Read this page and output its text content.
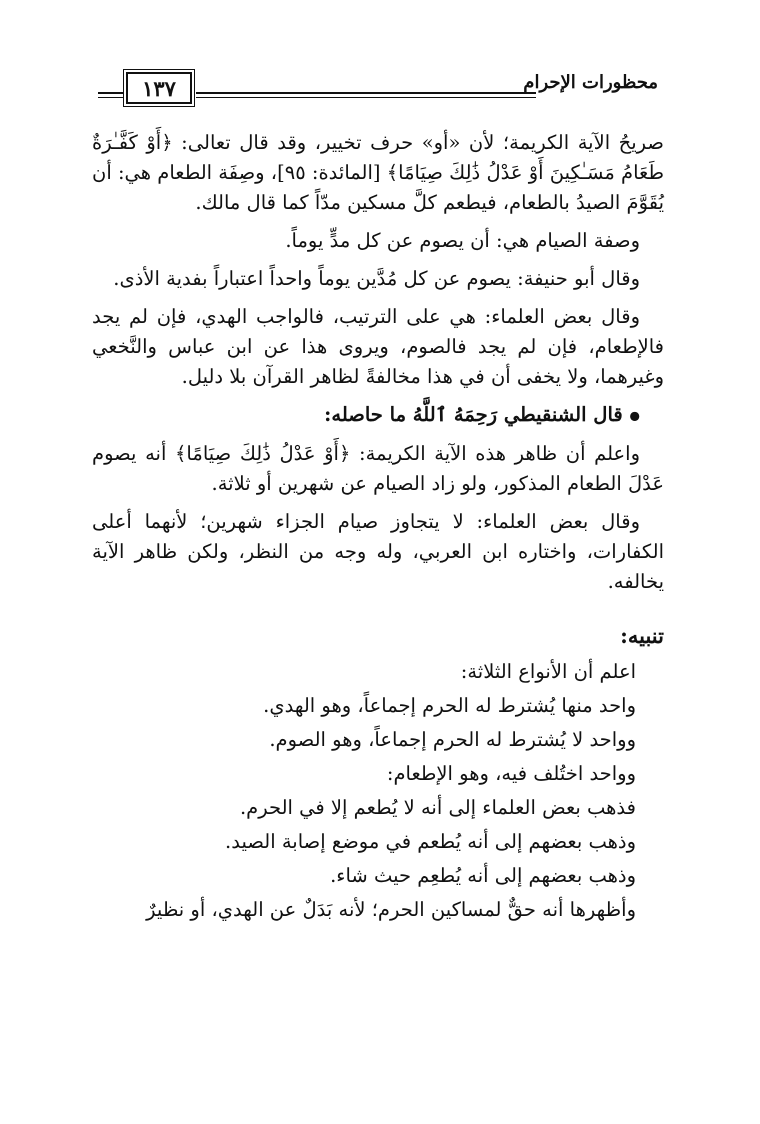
١٣٧	محظورات الإحرام

صريحُ الآية الكريمة؛ لأن «أو» حرف تخيير، وقد قال تعالى: ﴿أَوْ كَفَّـٰرَةٌ طَعَامُ مَسَـٰكِينَ أَوْ عَدْلُ ذَٰلِكَ صِيَامًا﴾ [المائدة: ٩٥]، وصِفَة الطعام هي: أن يُقَوَّمَ الصيدُ بالطعام، فيطعم كلَّ مسكين مدّاً كما قال مالك.

وصفة الصيام هي: أن يصوم عن كل مدٍّ يوماً.

وقال أبو حنيفة: يصوم عن كل مُدَّين يوماً واحداً اعتباراً بفدية الأذى.

وقال بعض العلماء: هي على الترتيب، فالواجب الهدي، فإن لم يجد فالإطعام، فإن لم يجد فالصوم، ويروى هذا عن ابن عباس والنَّخعي وغيرهما، ولا يخفى أن في هذا مخالفةً لظاهر القرآن بلا دليل.

● قال الشنقيطي رَحِمَهُ ٱللَّهُ ما حاصله:

واعلم أن ظاهر هذه الآية الكريمة: ﴿أَوْ عَدْلُ ذَٰلِكَ صِيَامًا﴾ أنه يصوم عَدْلَ الطعام المذكور، ولو زاد الصيام عن شهرين أو ثلاثة.

وقال بعض العلماء: لا يتجاوز صيام الجزاء شهرين؛ لأنهما أعلى الكفارات، واختاره ابن العربي، وله وجه من النظر، ولكن ظاهر الآية يخالفه.

تنبيه:

اعلم أن الأنواع الثلاثة:

واحد منها يُشترط له الحرم إجماعاً، وهو الهدي.

وواحد لا يُشترط له الحرم إجماعاً، وهو الصوم.

وواحد اختُلف فيه، وهو الإطعام:

فذهب بعض العلماء إلى أنه لا يُطعم إلا في الحرم.

وذهب بعضهم إلى أنه يُطعم في موضع إصابة الصيد.

وذهب بعضهم إلى أنه يُطعِم حيث شاء.

وأظهرها أنه حقٌّ لمساكين الحرم؛ لأنه بَدَلٌ عن الهدي، أو نظيرٌ
